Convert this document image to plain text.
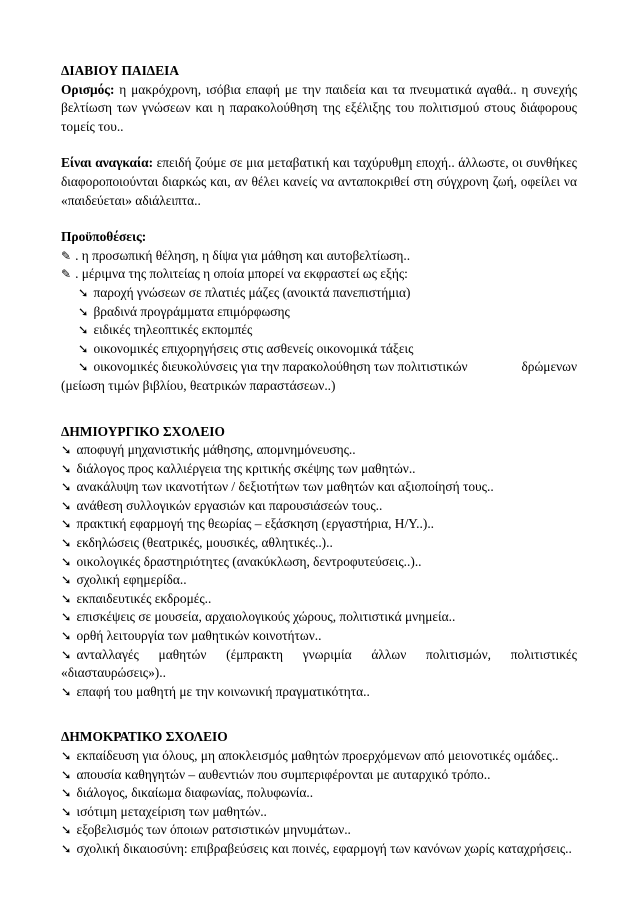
ΔΙΑΒΙΟΥ ΠΑΙΔΕΙΑ

Ορισμός: η μακρόχρονη, ισόβια επαφή με την παιδεία και τα πνευματικά αγαθά.. η συνεχής βελτίωση των γνώσεων και η παρακολούθηση της εξέλιξης του πολιτισμού στους διάφορους τομείς του..

Είναι αναγκαία: επειδή ζούμε σε μια μεταβατική και ταχύρυθμη εποχή.. άλλωστε, οι συνθήκες διαφοροποιούνται διαρκώς και, αν θέλει κανείς να ανταποκριθεί στη σύγχρονη ζωή, οφείλει να «παιδεύεται» αδιάλειπτα..

Προϋποθέσεις:

✎ . η προσωπική θέληση, η δίψα για μάθηση και αυτοβελτίωση..

✎ . μέριμνα της πολιτείας η οποία μπορεί να εκφραστεί ως εξής:

➘ παροχή γνώσεων σε πλατιές μάζες (ανοικτά πανεπιστήμια)

➘ βραδινά προγράμματα επιμόρφωσης

➘ ειδικές τηλεοπτικές εκπομπές

➘ οικονομικές επιχορηγήσεις στις ασθενείς οικονομικά τάξεις

➘ οικονομικές διευκολύνσεις για την παρακολούθηση των πολιτιστικών	δρώμενων

(μείωση τιμών βιβλίου, θεατρικών παραστάσεων..)

ΔΗΜΙΟΥΡΓΙΚΟ ΣΧΟΛΕΙΟ

➘ αποφυγή μηχανιστικής μάθησης, απομνημόνευσης..

➘ διάλογος προς καλλιέργεια της κριτικής σκέψης των μαθητών..

➘ ανακάλυψη των ικανοτήτων / δεξιοτήτων των μαθητών και αξιοποίησή τους..

➘ ανάθεση συλλογικών εργασιών και παρουσιάσεών τους..

➘ πρακτική εφαρμογή της θεωρίας – εξάσκηση (εργαστήρια, Η/Υ..)..

➘ εκδηλώσεις (θεατρικές, μουσικές, αθλητικές..)..

➘ οικολογικές δραστηριότητες (ανακύκλωση, δεντροφυτεύσεις..)..

➘ σχολική εφημερίδα..

➘ εκπαιδευτικές εκδρομές..

➘ επισκέψεις σε μουσεία, αρχαιολογικούς χώρους, πολιτιστικά μνημεία..

➘ ορθή λειτουργία των μαθητικών κοινοτήτων..

➘ ανταλλαγές μαθητών (έμπρακτη γνωριμία άλλων πολιτισμών, πολιτιστικές «διασταυρώσεις»)..

➘ επαφή του μαθητή με την κοινωνική πραγματικότητα..

ΔΗΜΟΚΡΑΤΙΚΟ ΣΧΟΛΕΙΟ

➘ εκπαίδευση για όλους, μη αποκλεισμός μαθητών προερχόμενων από μειονοτικές ομάδες..

➘ απουσία καθηγητών – αυθεντιών που συμπεριφέρονται με αυταρχικό τρόπο..

➘ διάλογος, δικαίωμα διαφωνίας, πολυφωνία..

➘ ισότιμη μεταχείριση των μαθητών..

➘ εξοβελισμός των όποιων ρατσιστικών μηνυμάτων..

➘ σχολική δικαιοσύνη: επιβραβεύσεις και ποινές, εφαρμογή των κανόνων χωρίς καταχρήσεις..
